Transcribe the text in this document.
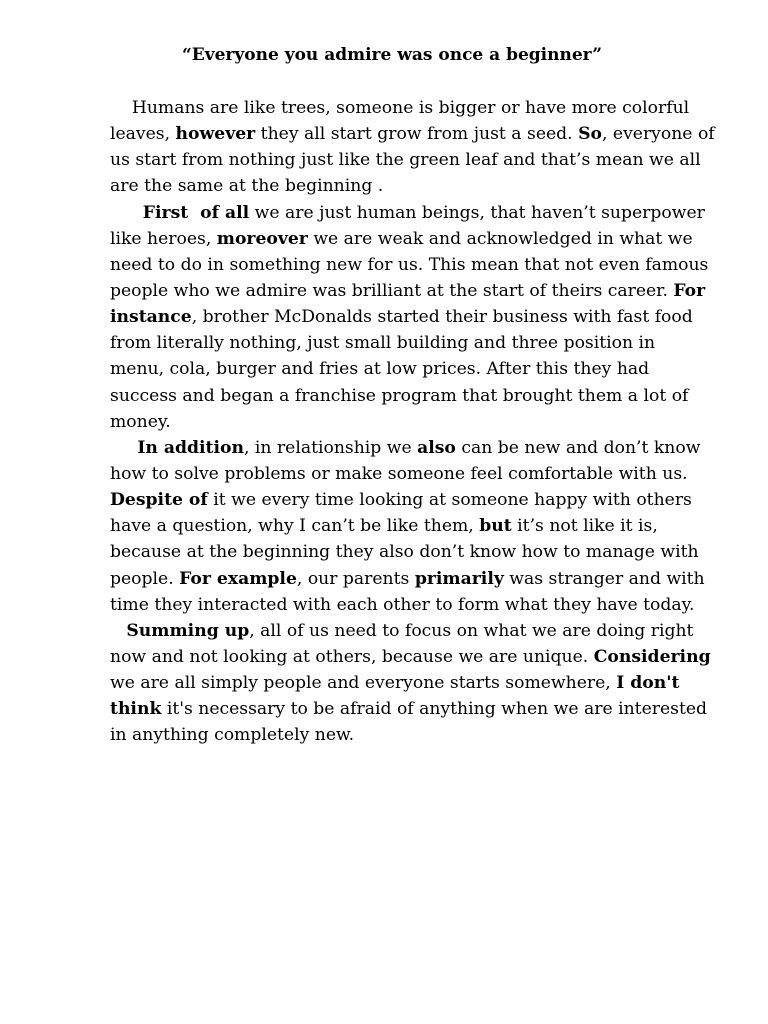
“Everyone you admire was once a beginner”
Humans are like trees, someone is bigger or have more colorful
leaves, however they all start grow from just a seed. So, everyone of
us start from nothing just like the green leaf and that’s mean we all
are the same at the beginning .
First  of all we are just human beings, that haven’t superpower
like heroes, moreover we are weak and acknowledged in what we
need to do in something new for us. This mean that not even famous
people who we admire was brilliant at the start of theirs career. For
instance, brother McDonalds started their business with fast food
from literally nothing, just small building and three position in
menu, cola, burger and fries at low prices. After this they had
success and began a franchise program that brought them a lot of
money.
In addition, in relationship we also can be new and don’t know
how to solve problems or make someone feel comfortable with us.
Despite of it we every time looking at someone happy with others
have a question, why I can’t be like them, but it’s not like it is,
because at the beginning they also don’t know how to manage with
people. For example, our parents primarily was stranger and with
time they interacted with each other to form what they have today.
Summing up, all of us need to focus on what we are doing right
now and not looking at others, because we are unique. Considering
we are all simply people and everyone starts somewhere, I don't
think it's necessary to be afraid of anything when we are interested
in anything completely new.
